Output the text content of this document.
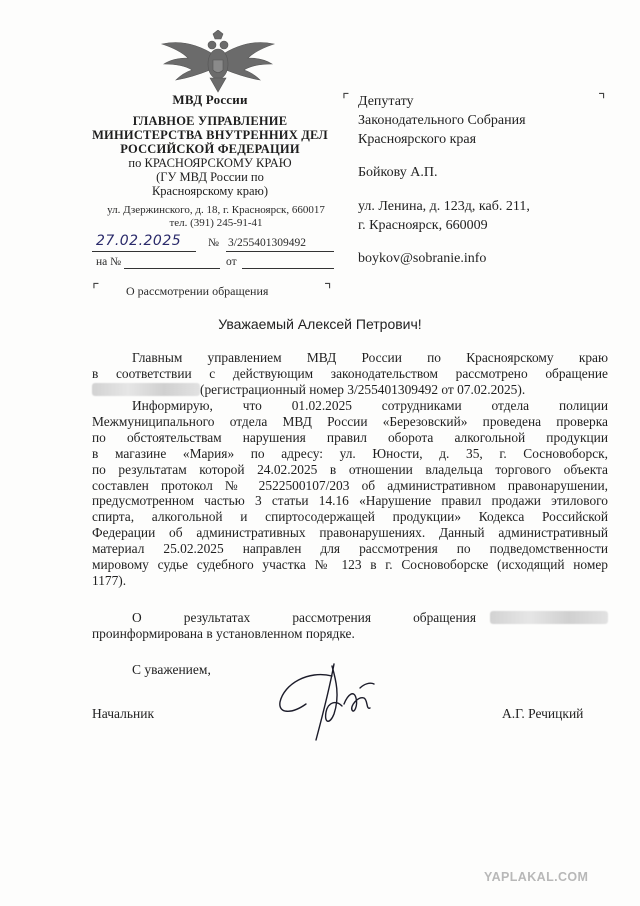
МВД России
ГЛАВНОЕ УПРАВЛЕНИЕ
МИНИСТЕРСТВА ВНУТРЕННИХ ДЕЛ
РОССИЙСКОЙ ФЕДЕРАЦИИ
по КРАСНОЯРСКОМУ КРАЮ
(ГУ МВД России по
Красноярскому краю)
ул. Дзержинского, д. 18, г. Красноярск, 660017
тел. (391) 245-91-41
27.02.2025 № 3/255401309492
на №	от
⌜ О рассмотрении обращения	⌝
⌜	⌝
Депутату
Законодательного Собрания
Красноярского края
Бойкову А.П.
ул. Ленина, д. 123д, каб. 211,
г. Красноярск, 660009
boykov@sobranie.info
Уважаемый Алексей Петрович!
Главным управлением МВД России по Красноярскому краю
в соответствии с действующим законодательством рассмотрено обращение
(регистрационный номер 3/255401309492 от 07.02.2025).
Информирую, что 01.02.2025 сотрудниками отдела полиции
Межмуниципального отдела МВД России «Березовский» проведена проверка
по обстоятельствам нарушения правил оборота алкогольной продукции
в магазине «Мария» по адресу: ул. Юности, д. 35, г. Сосновоборск,
по результатам которой 24.02.2025 в отношении владельца торгового объекта
составлен протокол № 2522500107/203 об административном правонарушении,
предусмотренном частью 3 статьи 14.16 «Нарушение правил продажи этилового
спирта, алкогольной и спиртосодержащей продукции» Кодекса Российской
Федерации об административных правонарушениях. Данный административный
материал 25.02.2025 направлен для рассмотрения по подведомственности
мировому судье судебного участка № 123 в г. Сосновоборске (исходящий номер
1177).
О результатах рассмотрения обращения
проинформирована в установленном порядке.
С уважением,
Начальник	А.Г. Речицкий
YAPLAKAL.COM
